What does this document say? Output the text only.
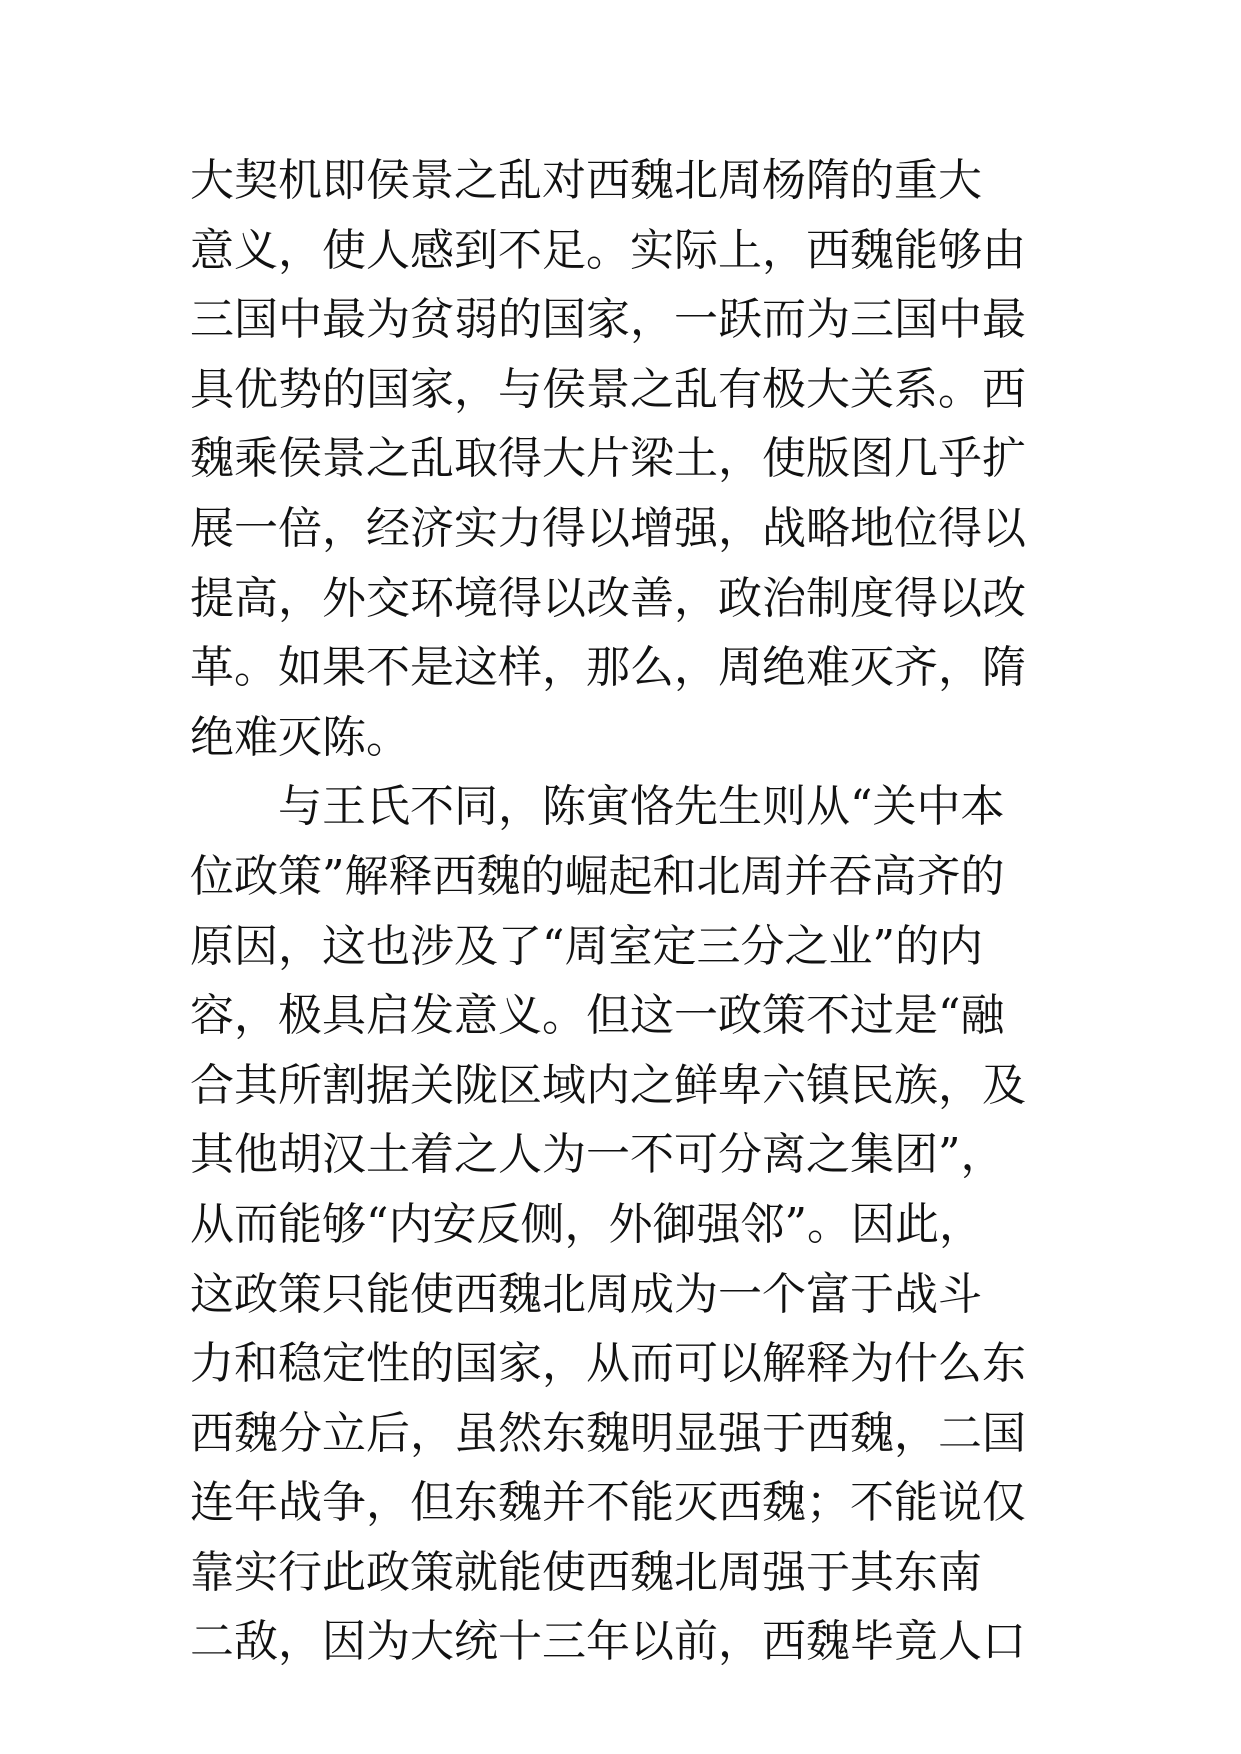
大契机即侯景之乱对西魏北周杨隋的重大
意义，使人感到不足。实际上，西魏能够由
三国中最为贫弱的国家，一跃而为三国中最
具优势的国家，与侯景之乱有极大关系。西
魏乘侯景之乱取得大片梁土，使版图几乎扩
展一倍，经济实力得以增强，战略地位得以
提高，外交环境得以改善，政治制度得以改
革。如果不是这样，那么，周绝难灭齐，隋
绝难灭陈。
与王氏不同，陈寅恪先生则从“关中本
位政策”解释西魏的崛起和北周并吞高齐的
原因，这也涉及了“周室定三分之业”的内
容，极具启发意义。但这一政策不过是“融
合其所割据关陇区域内之鲜卑六镇民族，及
其他胡汉土着之人为一不可分离之集团”，
从而能够“内安反侧，外御强邻”。因此，
这政策只能使西魏北周成为一个富于战斗
力和稳定性的国家，从而可以解释为什么东
西魏分立后，虽然东魏明显强于西魏，二国
连年战争，但东魏并不能灭西魏；不能说仅
靠实行此政策就能使西魏北周强于其东南
二敌，因为大统十三年以前，西魏毕竟人口
